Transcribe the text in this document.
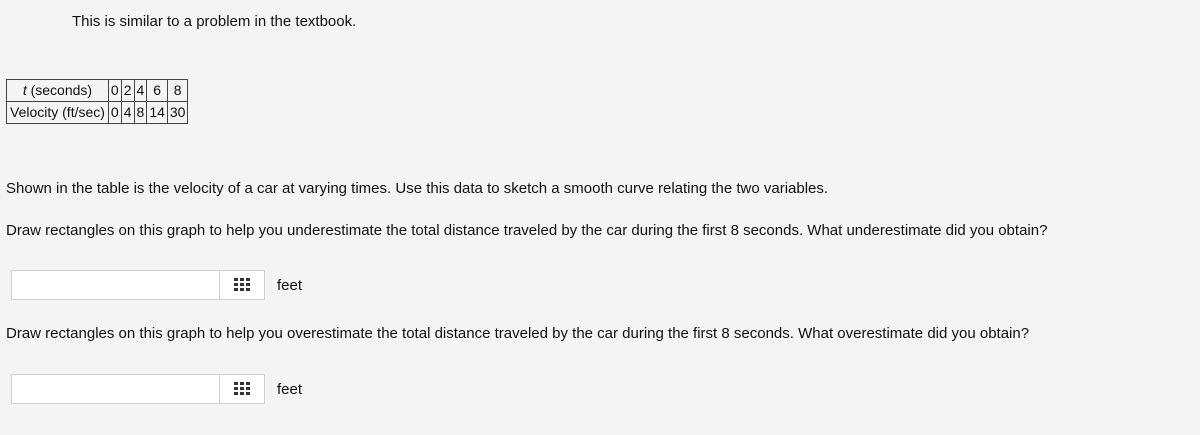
This is similar to a problem in the textbook.
t (seconds)	0	2	4	6	8
Velocity (ft/sec)	0	4	8	14	30
Shown in the table is the velocity of a car at varying times. Use this data to sketch a smooth curve relating the two variables.
Draw rectangles on this graph to help you underestimate the total distance traveled by the car during the first 8 seconds. What underestimate did you obtain?
feet
Draw rectangles on this graph to help you overestimate the total distance traveled by the car during the first 8 seconds. What overestimate did you obtain?
feet
